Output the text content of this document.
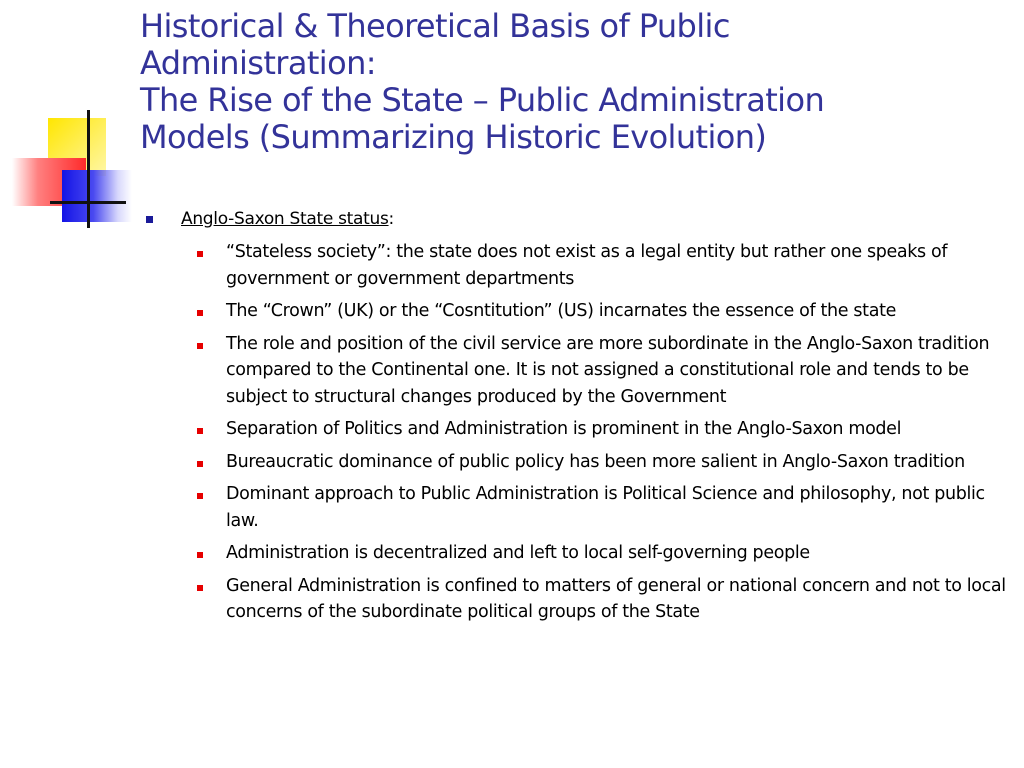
Historical & Theoretical Basis of Public
Administration:
The Rise of the State – Public Administration
Models (Summarizing Historic Evolution)
Anglo-Saxon State status:
“Stateless society”: the state does not exist as a legal entity but rather one speaks of government or government departments
The “Crown” (UK) or the “Cosntitution” (US) incarnates the essence of the state
The role and position of the civil service are more subordinate in the Anglo-Saxon tradition compared to the Continental one. It is not assigned a constitutional role and tends to be subject to structural changes produced by the Government
Separation of Politics and Administration is prominent in the Anglo-Saxon model
Bureaucratic dominance of public policy has been more salient in Anglo-Saxon tradition
Dominant approach to Public Administration is Political Science and philosophy, not public law.
Administration is decentralized and left to local self-governing people
General Administration is confined to matters of general or national concern and not to local concerns of the subordinate political groups of the State
